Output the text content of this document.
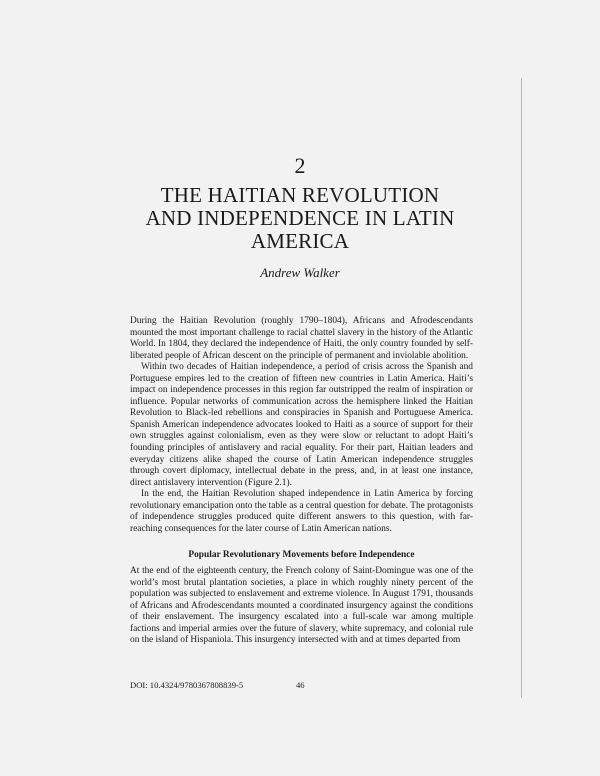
2
THE HAITIAN REVOLUTION
AND INDEPENDENCE IN LATIN
AMERICA
Andrew Walker

During the Haitian Revolution (roughly 1790–1804), Africans and Afrodescendants mounted the most important challenge to racial chattel slavery in the history of the Atlantic World. In 1804, they declared the independence of Haiti, the only country founded by self-liberated people of African descent on the principle of permanent and inviolable abolition.

Within two decades of Haitian independence, a period of crisis across the Spanish and Portuguese empires led to the creation of fifteen new countries in Latin America. Haiti’s impact on independence processes in this region far outstripped the realm of inspiration or influence. Popular networks of communication across the hemisphere linked the Haitian Revolution to Black-led rebellions and conspiracies in Spanish and Portuguese America. Spanish American independence advocates looked to Haiti as a source of support for their own struggles against colonialism, even as they were slow or reluctant to adopt Haiti’s founding principles of antislavery and racial equality. For their part, Haitian leaders and everyday citizens alike shaped the course of Latin American independence struggles through covert diplomacy, intellectual debate in the press, and, in at least one instance, direct antislavery intervention (Figure 2.1).

In the end, the Haitian Revolution shaped independence in Latin America by forcing revolutionary emancipation onto the table as a central question for debate. The protagonists of independence struggles produced quite different answers to this question, with far-reaching consequences for the later course of Latin American nations.

Popular Revolutionary Movements before Independence

At the end of the eighteenth century, the French colony of Saint-Domingue was one of the world’s most brutal plantation societies, a place in which roughly ninety percent of the population was subjected to enslavement and extreme violence. In August 1791, thousands of Africans and Afrodescendants mounted a coordinated insurgency against the conditions of their enslavement. The insurgency escalated into a full-scale war among multiple factions and imperial armies over the future of slavery, white supremacy, and colonial rule on the island of Hispaniola. This insurgency intersected with and at times departed from

DOI: 10.4324/9780367808839-5	46
